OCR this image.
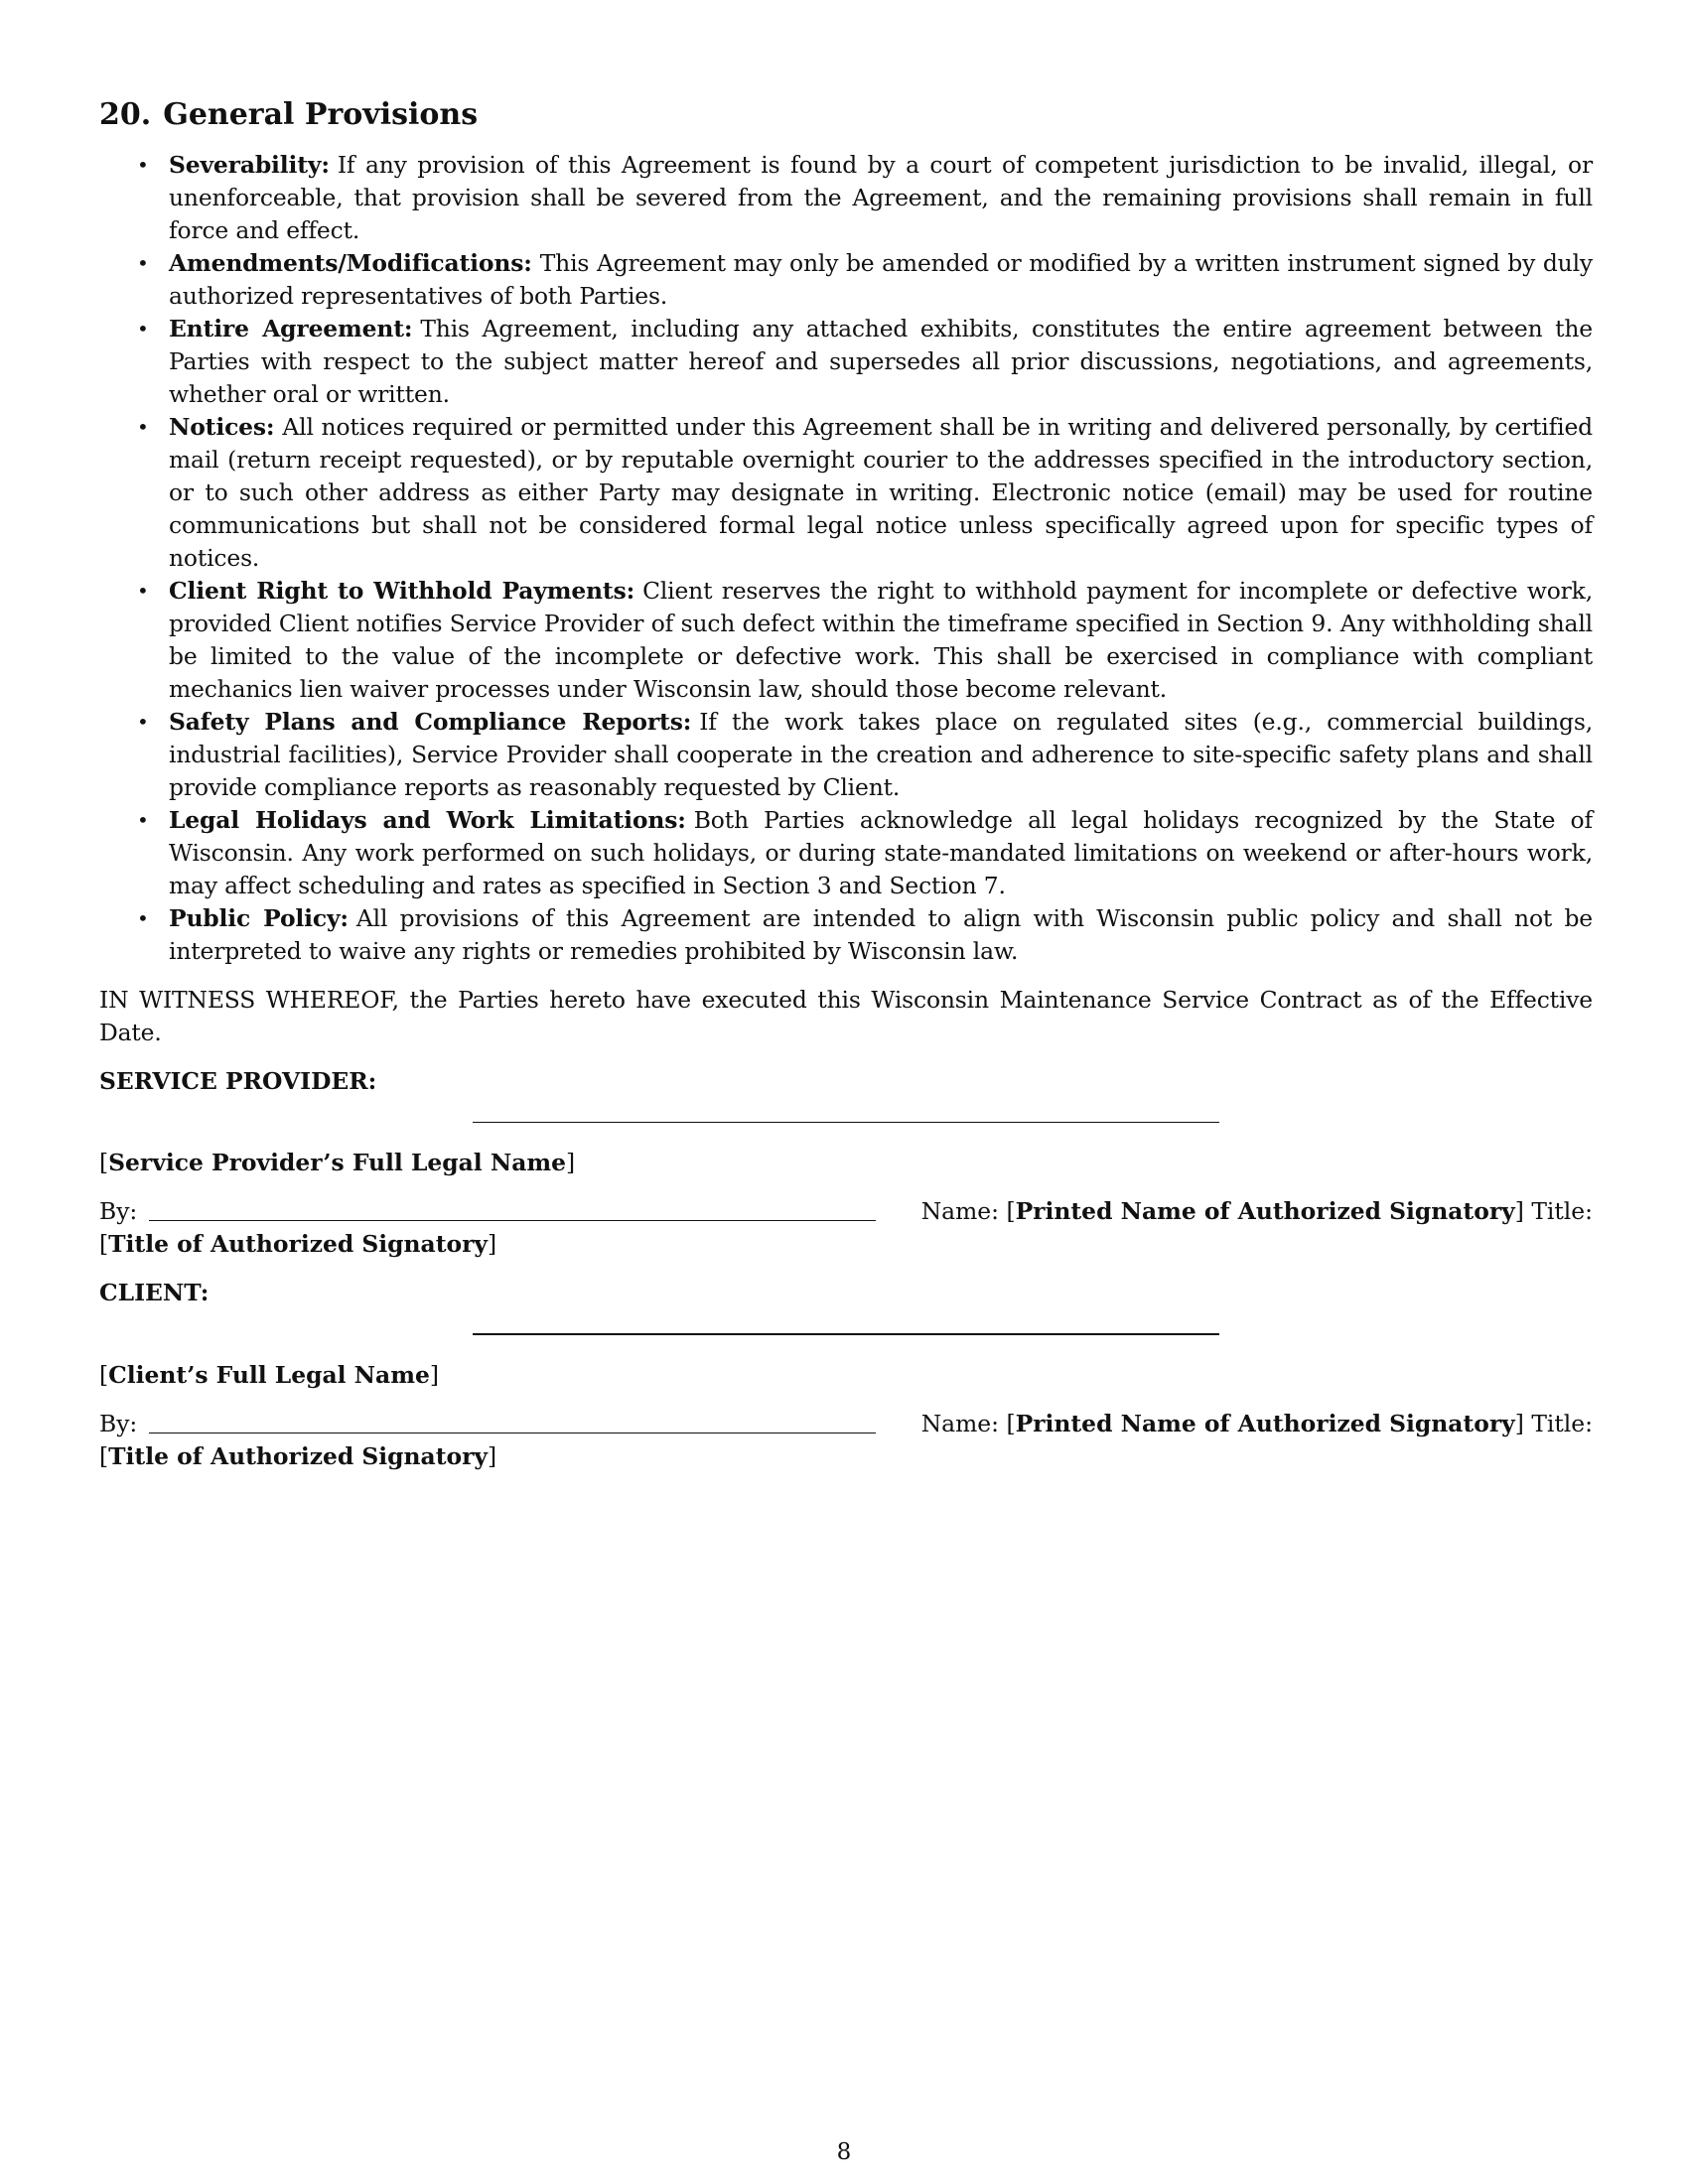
20. General Provisions
• Severability: If any provision of this Agreement is found by a court of competent jurisdiction to be invalid, illegal, or unenforceable, that provision shall be severed from the Agreement, and the remaining provisions shall remain in full force and effect.
• Amendments/Modifications: This Agreement may only be amended or modified by a written instrument signed by duly authorized representatives of both Parties.
• Entire Agreement: This Agreement, including any attached exhibits, constitutes the entire agreement between the Parties with respect to the subject matter hereof and supersedes all prior discussions, negotiations, and agreements, whether oral or written.
• Notices: All notices required or permitted under this Agreement shall be in writing and delivered personally, by certified mail (return receipt requested), or by reputable overnight courier to the addresses specified in the introductory section, or to such other address as either Party may designate in writing. Electronic notice (email) may be used for routine communications but shall not be considered formal legal notice unless specifically agreed upon for specific types of notices.
• Client Right to Withhold Payments: Client reserves the right to withhold payment for incomplete or defective work, provided Client notifies Service Provider of such defect within the timeframe specified in Section 9. Any withholding shall be limited to the value of the incomplete or defective work. This shall be exercised in compliance with compliant mechanics lien waiver processes under Wisconsin law, should those become relevant.
• Safety Plans and Compliance Reports: If the work takes place on regulated sites (e.g., commercial buildings, industrial facilities), Service Provider shall cooperate in the creation and adherence to site-specific safety plans and shall provide compliance reports as reasonably requested by Client.
• Legal Holidays and Work Limitations: Both Parties acknowledge all legal holidays recognized by the State of Wisconsin. Any work performed on such holidays, or during state-mandated limitations on weekend or after-hours work, may affect scheduling and rates as specified in Section 3 and Section 7.
• Public Policy: All provisions of this Agreement are intended to align with Wisconsin public policy and shall not be interpreted to waive any rights or remedies prohibited by Wisconsin law.

IN WITNESS WHEREOF, the Parties hereto have executed this Wisconsin Maintenance Service Contract as of the Effective Date.

SERVICE PROVIDER:
[Service Provider’s Full Legal Name]
By:	Name: [Printed Name of Authorized Signatory] Title:
[Title of Authorized Signatory]
CLIENT:
[Client’s Full Legal Name]
By:	Name: [Printed Name of Authorized Signatory] Title:
[Title of Authorized Signatory]
8
